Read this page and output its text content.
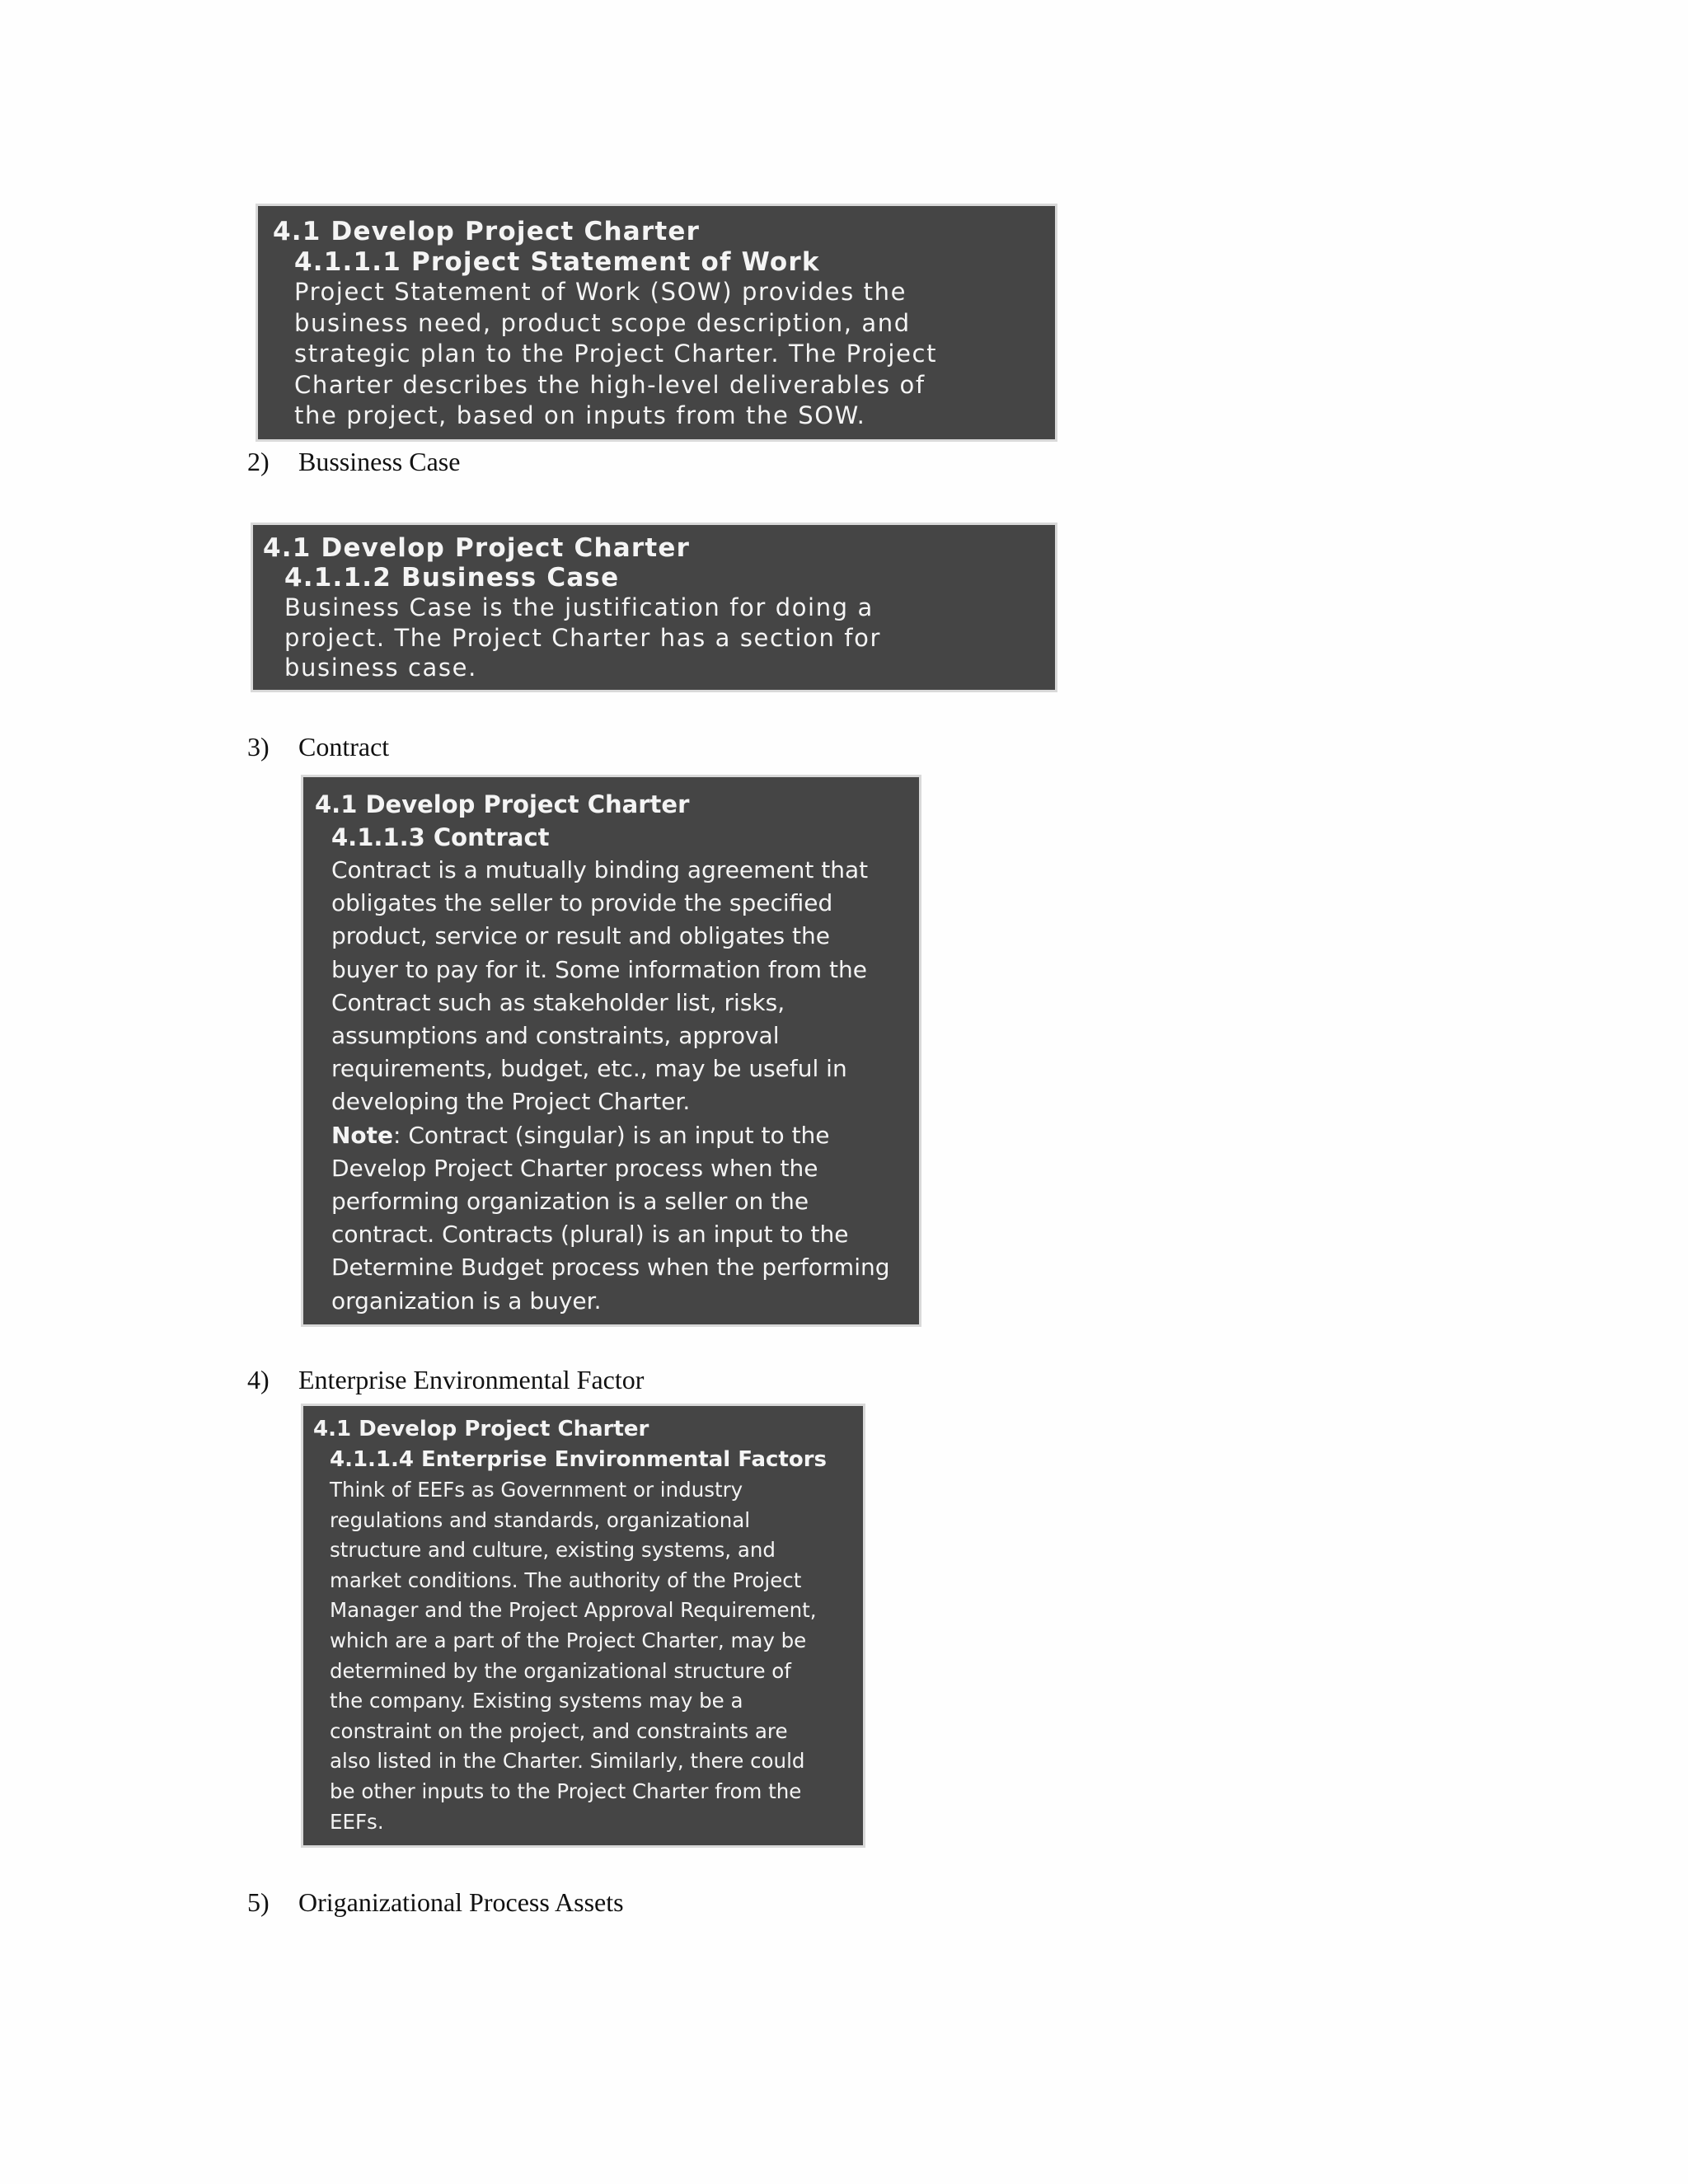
4.1 Develop Project Charter
4.1.1.1 Project Statement of Work
Project Statement of Work (SOW) provides the
business need, product scope description, and
strategic plan to the Project Charter. The Project
Charter describes the high-level deliverables of
the project, based on inputs from the SOW.
2) Bussiness Case
4.1 Develop Project Charter
4.1.1.2 Business Case
Business Case is the justification for doing a
project. The Project Charter has a section for
business case.
3) Contract
4.1 Develop Project Charter
4.1.1.3 Contract
Contract is a mutually binding agreement that
obligates the seller to provide the specified
product, service or result and obligates the
buyer to pay for it. Some information from the
Contract such as stakeholder list, risks,
assumptions and constraints, approval
requirements, budget, etc., may be useful in
developing the Project Charter.
Note: Contract (singular) is an input to the
Develop Project Charter process when the
performing organization is a seller on the
contract. Contracts (plural) is an input to the
Determine Budget process when the performing
organization is a buyer.
4) Enterprise Environmental Factor
4.1 Develop Project Charter
4.1.1.4 Enterprise Environmental Factors
Think of EEFs as Government or industry
regulations and standards, organizational
structure and culture, existing systems, and
market conditions. The authority of the Project
Manager and the Project Approval Requirement,
which are a part of the Project Charter, may be
determined by the organizational structure of
the company. Existing systems may be a
constraint on the project, and constraints are
also listed in the Charter. Similarly, there could
be other inputs to the Project Charter from the
EEFs.
5) Origanizational Process Assets
